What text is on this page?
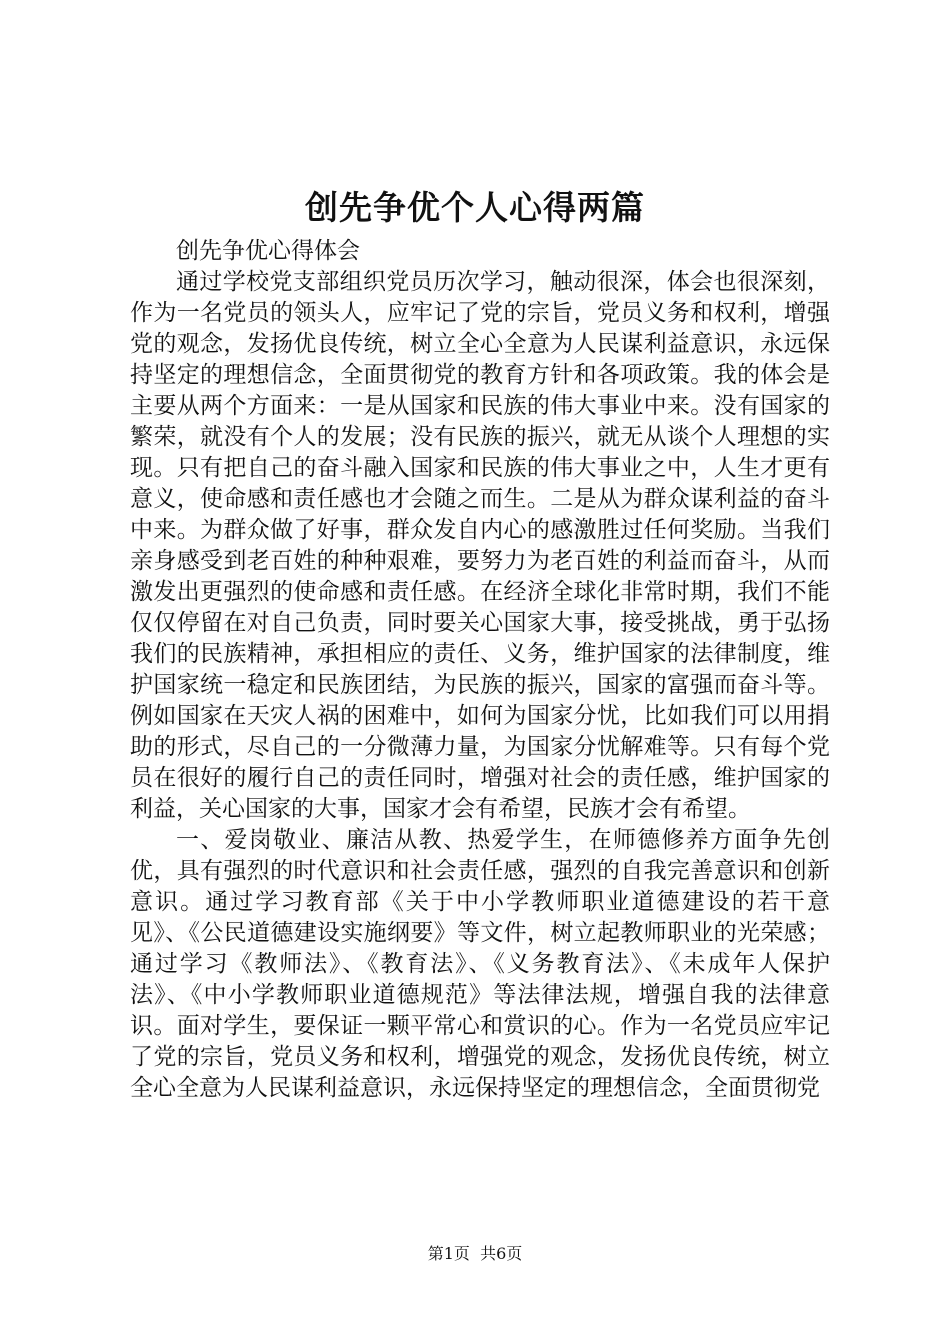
创先争优个人心得两篇

创先争优心得体会

通过学校党支部组织党员历次学习，触动很深，体会也很深刻，作为一名党员的领头人，应牢记了党的宗旨，党员义务和权利，增强党的观念，发扬优良传统，树立全心全意为人民谋利益意识，永远保持坚定的理想信念，全面贯彻党的教育方针和各项政策。我的体会是主要从两个方面来：一是从国家和民族的伟大事业中来。没有国家的繁荣，就没有个人的发展；没有民族的振兴，就无从谈个人理想的实现。只有把自己的奋斗融入国家和民族的伟大事业之中，人生才更有意义，使命感和责任感也才会随之而生。二是从为群众谋利益的奋斗中来。为群众做了好事，群众发自内心的感激胜过任何奖励。当我们亲身感受到老百姓的种种艰难，要努力为老百姓的利益而奋斗，从而激发出更强烈的使命感和责任感。在经济全球化非常时期，我们不能仅仅停留在对自己负责，同时要关心国家大事，接受挑战，勇于弘扬我们的民族精神，承担相应的责任、义务，维护国家的法律制度，维护国家统一稳定和民族团结，为民族的振兴，国家的富强而奋斗等。例如国家在天灾人祸的困难中，如何为国家分忧，比如我们可以用捐助的形式，尽自己的一分微薄力量，为国家分忧解难等。只有每个党员在很好的履行自己的责任同时，增强对社会的责任感，维护国家的利益，关心国家的大事，国家才会有希望，民族才会有希望。

一、爱岗敬业、廉洁从教、热爱学生，在师德修养方面争先创优，具有强烈的时代意识和社会责任感，强烈的自我完善意识和创新意识。通过学习教育部《关于中小学教师职业道德建设的若干意见》、《公民道德建设实施纲要》等文件，树立起教师职业的光荣感；通过学习《教师法》、《教育法》、《义务教育法》、《未成年人保护法》、《中小学教师职业道德规范》等法律法规，增强自我的法律意识。面对学生，要保证一颗平常心和赏识的心。作为一名党员应牢记了党的宗旨，党员义务和权利，增强党的观念，发扬优良传统，树立全心全意为人民谋利益意识，永远保持坚定的理想信念，全面贯彻党

第1页 共6页
